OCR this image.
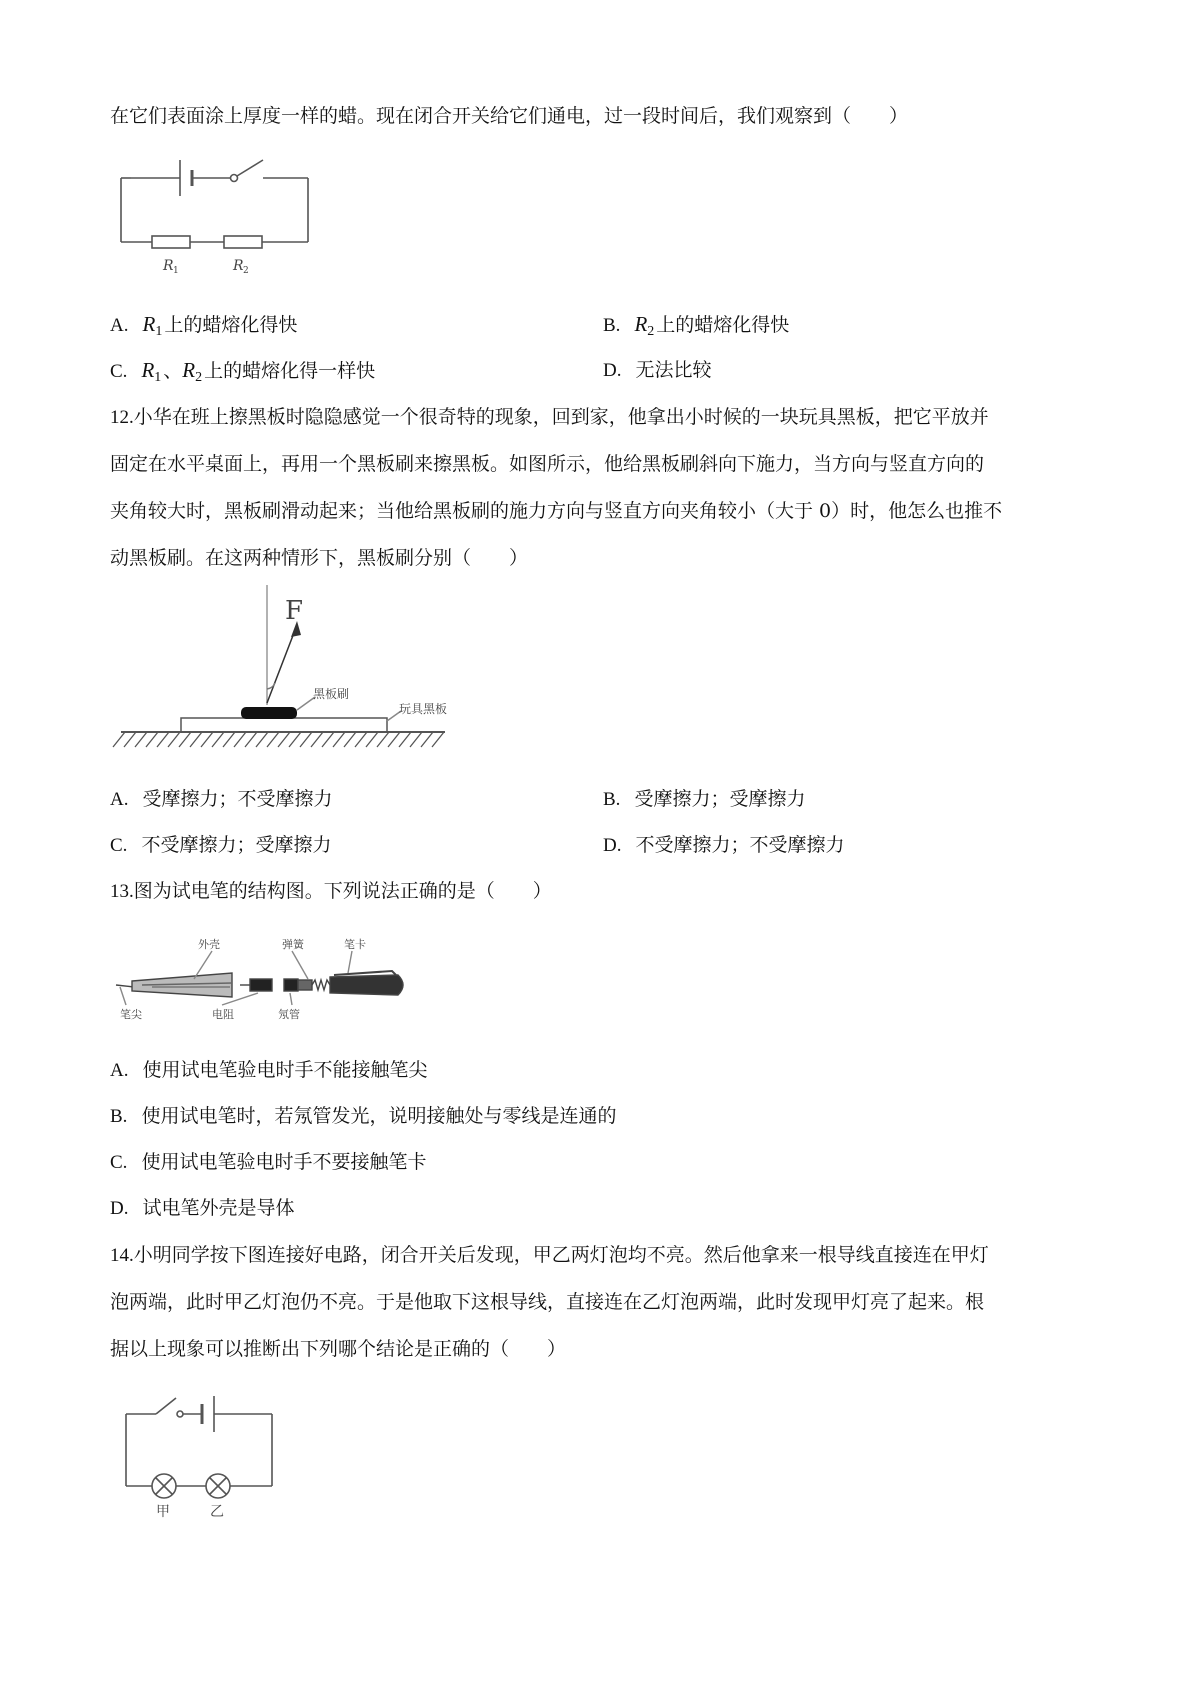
在它们表面涂上厚度一样的蜡。现在闭合开关给它们通电，过一段时间后，我们观察到（　　）
R 1	R 2
A. $R_1$ 上的蜡熔化得快	B. $R_2$ 上的蜡熔化得快
C. $R_1$ 、$R_2$ 上的蜡熔化得一样快	D. 无法比较
12.小华在班上擦黑板时隐隐感觉一个很奇特的现象，回到家，他拿出小时候的一块玩具黑板，把它平放并
固定在水平桌面上，再用一个黑板刷来擦黑板。如图所示，他给黑板刷斜向下施力，当方向与竖直方向的
夹角较大时，黑板刷滑动起来；当他给黑板刷的施力方向与竖直方向夹角较小（大于 0）时，他怎么也推不
动黑板刷。在这两种情形下，黑板刷分别（　　）
F
黑板刷
玩具黑板
A. 受摩擦力；不受摩擦力	B. 受摩擦力；受摩擦力
C. 不受摩擦力；受摩擦力	D. 不受摩擦力；不受摩擦力
13.图为试电笔的结构图。下列说法正确的是（　　）
外壳	弹簧	笔卡
笔尖	电阻	氖管
A. 使用试电笔验电时手不能接触笔尖
B. 使用试电笔时，若氖管发光，说明接触处与零线是连通的
C. 使用试电笔验电时手不要接触笔卡
D. 试电笔外壳是导体
14.小明同学按下图连接好电路，闭合开关后发现，甲乙两灯泡均不亮。然后他拿来一根导线直接连在甲灯
泡两端，此时甲乙灯泡仍不亮。于是他取下这根导线，直接连在乙灯泡两端，此时发现甲灯亮了起来。根
据以上现象可以推断出下列哪个结论是正确的（　　）
甲	乙
